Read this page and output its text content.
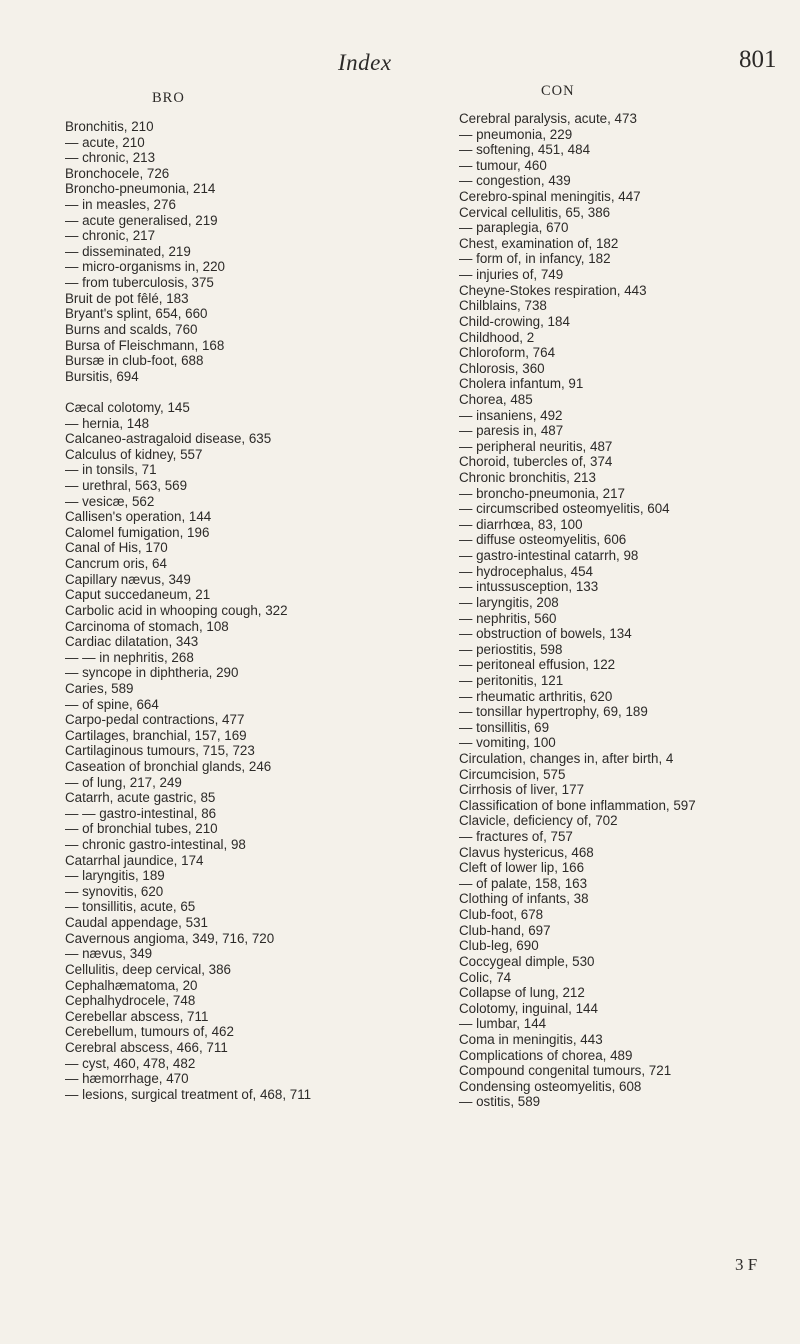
Index	801
BRO	CON
Bronchitis, 210
— acute, 210
— chronic, 213
Bronchocele, 726
Broncho-pneumonia, 214
— in measles, 276
— acute generalised, 219
— chronic, 217
— disseminated, 219
— micro-organisms in, 220
— from tuberculosis, 375
Bruit de pot fêlé, 183
Bryant's splint, 654, 660
Burns and scalds, 760
Bursa of Fleischmann, 168
Bursæ in club-foot, 688
Bursitis, 694
Cæcal colotomy, 145
— hernia, 148
Calcaneo-astragaloid disease, 635
Calculus of kidney, 557
— in tonsils, 71
— urethral, 563, 569
— vesicæ, 562
Callisen's operation, 144
Calomel fumigation, 196
Canal of His, 170
Cancrum oris, 64
Capillary nævus, 349
Caput succedaneum, 21
Carbolic acid in whooping cough, 322
Carcinoma of stomach, 108
Cardiac dilatation, 343
— — in nephritis, 268
— syncope in diphtheria, 290
Caries, 589
— of spine, 664
Carpo-pedal contractions, 477
Cartilages, branchial, 157, 169
Cartilaginous tumours, 715, 723
Caseation of bronchial glands, 246
— of lung, 217, 249
Catarrh, acute gastric, 85
— — gastro-intestinal, 86
— of bronchial tubes, 210
— chronic gastro-intestinal, 98
Catarrhal jaundice, 174
— laryngitis, 189
— synovitis, 620
— tonsillitis, acute, 65
Caudal appendage, 531
Cavernous angioma, 349, 716, 720
— nævus, 349
Cellulitis, deep cervical, 386
Cephalhæmatoma, 20
Cephalhydrocele, 748
Cerebellar abscess, 711
Cerebellum, tumours of, 462
Cerebral abscess, 466, 711
— cyst, 460, 478, 482
— hæmorrhage, 470
— lesions, surgical treatment of, 468, 711
Cerebral paralysis, acute, 473
— pneumonia, 229
— softening, 451, 484
— tumour, 460
— congestion, 439
Cerebro-spinal meningitis, 447
Cervical cellulitis, 65, 386
— paraplegia, 670
Chest, examination of, 182
— form of, in infancy, 182
— injuries of, 749
Cheyne-Stokes respiration, 443
Chilblains, 738
Child-crowing, 184
Childhood, 2
Chloroform, 764
Chlorosis, 360
Cholera infantum, 91
Chorea, 485
— insaniens, 492
— paresis in, 487
— peripheral neuritis, 487
Choroid, tubercles of, 374
Chronic bronchitis, 213
— broncho-pneumonia, 217
— circumscribed osteomyelitis, 604
— diarrhœa, 83, 100
— diffuse osteomyelitis, 606
— gastro-intestinal catarrh, 98
— hydrocephalus, 454
— intussusception, 133
— laryngitis, 208
— nephritis, 560
— obstruction of bowels, 134
— periostitis, 598
— peritoneal effusion, 122
— peritonitis, 121
— rheumatic arthritis, 620
— tonsillar hypertrophy, 69, 189
— tonsillitis, 69
— vomiting, 100
Circulation, changes in, after birth, 4
Circumcision, 575
Cirrhosis of liver, 177
Classification of bone inflammation, 597
Clavicle, deficiency of, 702
— fractures of, 757
Clavus hystericus, 468
Cleft of lower lip, 166
— of palate, 158, 163
Clothing of infants, 38
Club-foot, 678
Club-hand, 697
Club-leg, 690
Coccygeal dimple, 530
Colic, 74
Collapse of lung, 212
Colotomy, inguinal, 144
— lumbar, 144
Coma in meningitis, 443
Complications of chorea, 489
Compound congenital tumours, 721
Condensing osteomyelitis, 608
— ostitis, 589
3 F
